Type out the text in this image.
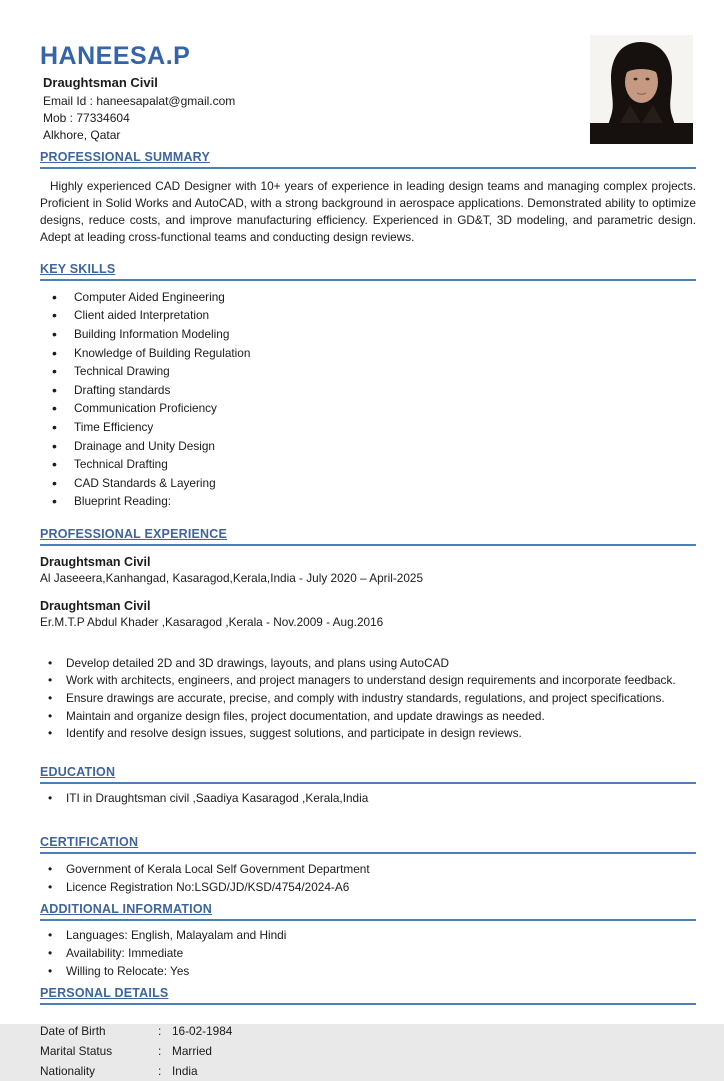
HANEESA.P
Draughtsman Civil
Email Id : haneesapalat@gmail.com
Mob : 77334604
Alkhore, Qatar
PROFESSIONAL SUMMARY

Highly experienced CAD Designer with 10+ years of experience in leading design teams and managing complex projects. Proficient in Solid Works and AutoCAD, with a strong background in aerospace applications. Demonstrated ability to optimize designs, reduce costs, and improve manufacturing efficiency. Experienced in GD&T, 3D modeling, and parametric design. Adept at leading cross-functional teams and conducting design reviews.

KEY SKILLS
• Computer Aided Engineering
• Client aided Interpretation
• Building Information Modeling
• Knowledge of Building Regulation
• Technical Drawing
• Drafting standards
• Communication Proficiency
• Time Efficiency
• Drainage and Unity Design
• Technical Drafting
• CAD Standards & Layering
• Blueprint Reading:
PROFESSIONAL EXPERIENCE
Draughtsman Civil
Al Jaseeera,Kanhangad, Kasaragod,Kerala,India - July 2020 – April-2025
Draughtsman Civil
Er.M.T.P Abdul Khader ,Kasaragod ,Kerala - Nov.2009 - Aug.2016
• Develop detailed 2D and 3D drawings, layouts, and plans using AutoCAD
• Work with architects, engineers, and project managers to understand design requirements and incorporate feedback.
• Ensure drawings are accurate, precise, and comply with industry standards, regulations, and project specifications.
• Maintain and organize design files, project documentation, and update drawings as needed.
• Identify and resolve design issues, suggest solutions, and participate in design reviews.
EDUCATION
• ITI in Draughtsman civil ,Saadiya Kasaragod ,Kerala,India
CERTIFICATION
• Government of Kerala Local Self Government Department
• Licence Registration No:LSGD/JD/KSD/4754/2024-A6
ADDITIONAL INFORMATION
• Languages: English, Malayalam and Hindi
• Availability: Immediate
• Willing to Relocate: Yes
PERSONAL DETAILS
Date of Birth	: 16-02-1984
Marital Status	: Married
Nationality	: India
